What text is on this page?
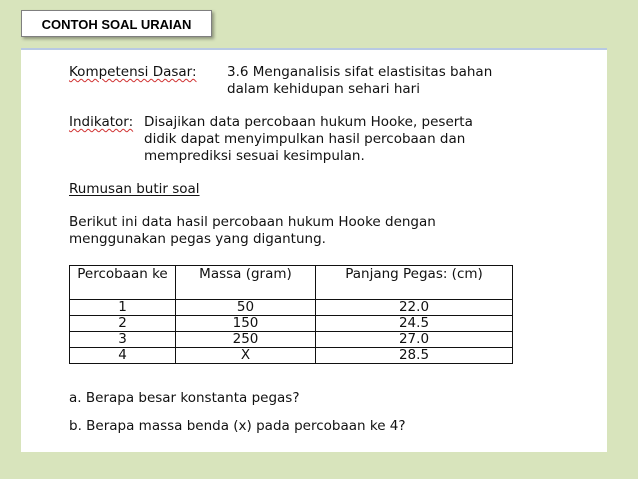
CONTOH SOAL URAIAN
Kompetensi Dasar: 3.6 Menganalisis sifat elastisitas bahan
dalam kehidupan sehari hari
Indikator: Disajikan data percobaan hukum Hooke, peserta
didik dapat menyimpulkan hasil percobaan dan
memprediksi sesuai kesimpulan.
Rumusan butir soal
Berikut ini data hasil percobaan hukum Hooke dengan
menggunakan pegas yang digantung.
Percobaan ke	Massa (gram)	Panjang Pegas: (cm)
1	50	22.0
2	150	24.5
3	250	27.0
4	X	28.5
a. Berapa besar konstanta pegas?
b. Berapa massa benda (x) pada percobaan ke 4?
